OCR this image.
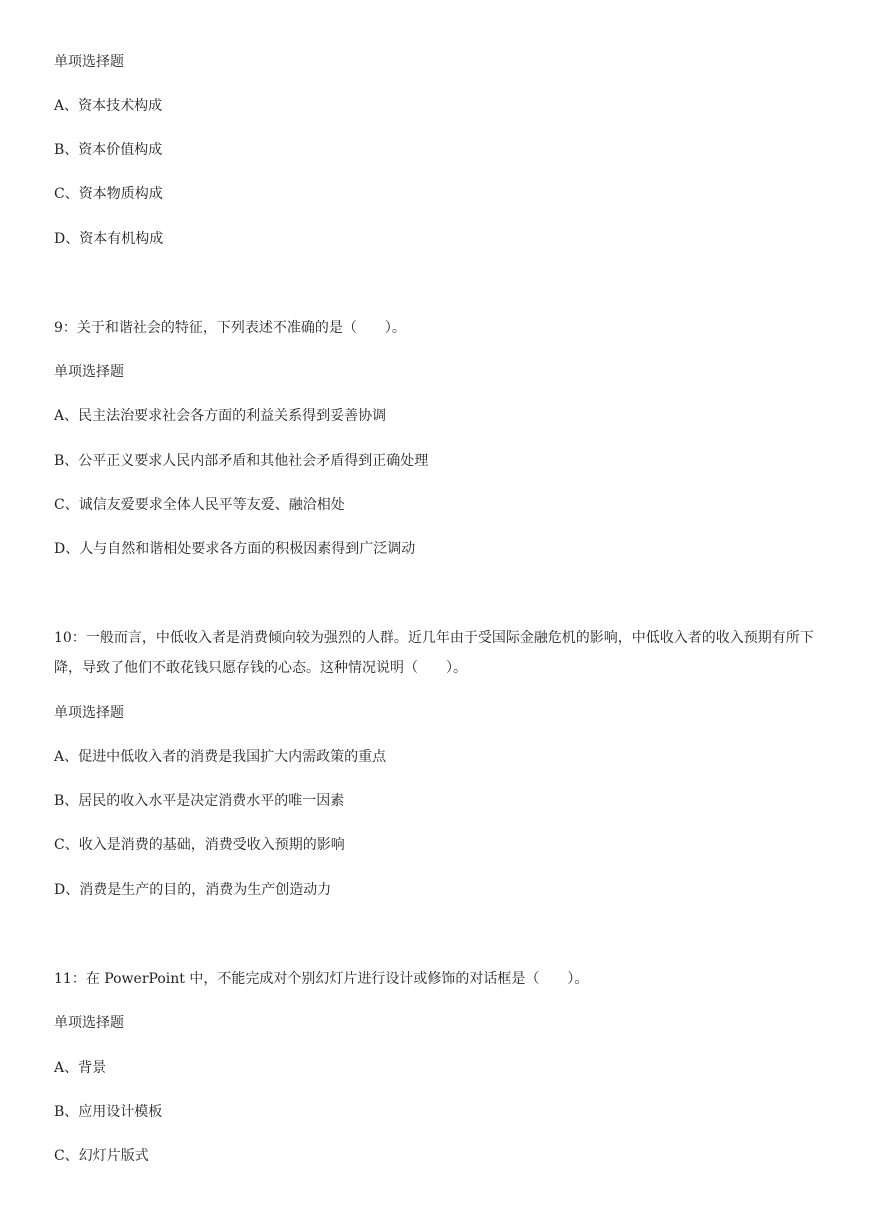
单项选择题
A、资本技术构成
B、资本价值构成
C、资本物质构成
D、资本有机构成
9：关于和谐社会的特征，下列表述不准确的是（　　）。
单项选择题
A、民主法治要求社会各方面的利益关系得到妥善协调
B、公平正义要求人民内部矛盾和其他社会矛盾得到正确处理
C、诚信友爱要求全体人民平等友爱、融洽相处
D、人与自然和谐相处要求各方面的积极因素得到广泛调动
10：一般而言，中低收入者是消费倾向较为强烈的人群。近几年由于受国际金融危机的影响，中低收入者的收入预期有所下降，导致了他们不敢花钱只愿存钱的心态。这种情况说明（　　）。
单项选择题
A、促进中低收入者的消费是我国扩大内需政策的重点
B、居民的收入水平是决定消费水平的唯一因素
C、收入是消费的基础，消费受收入预期的影响
D、消费是生产的目的，消费为生产创造动力
11：在 PowerPoint 中，不能完成对个别幻灯片进行设计或修饰的对话框是（　　）。
单项选择题
A、背景
B、应用设计模板
C、幻灯片版式
